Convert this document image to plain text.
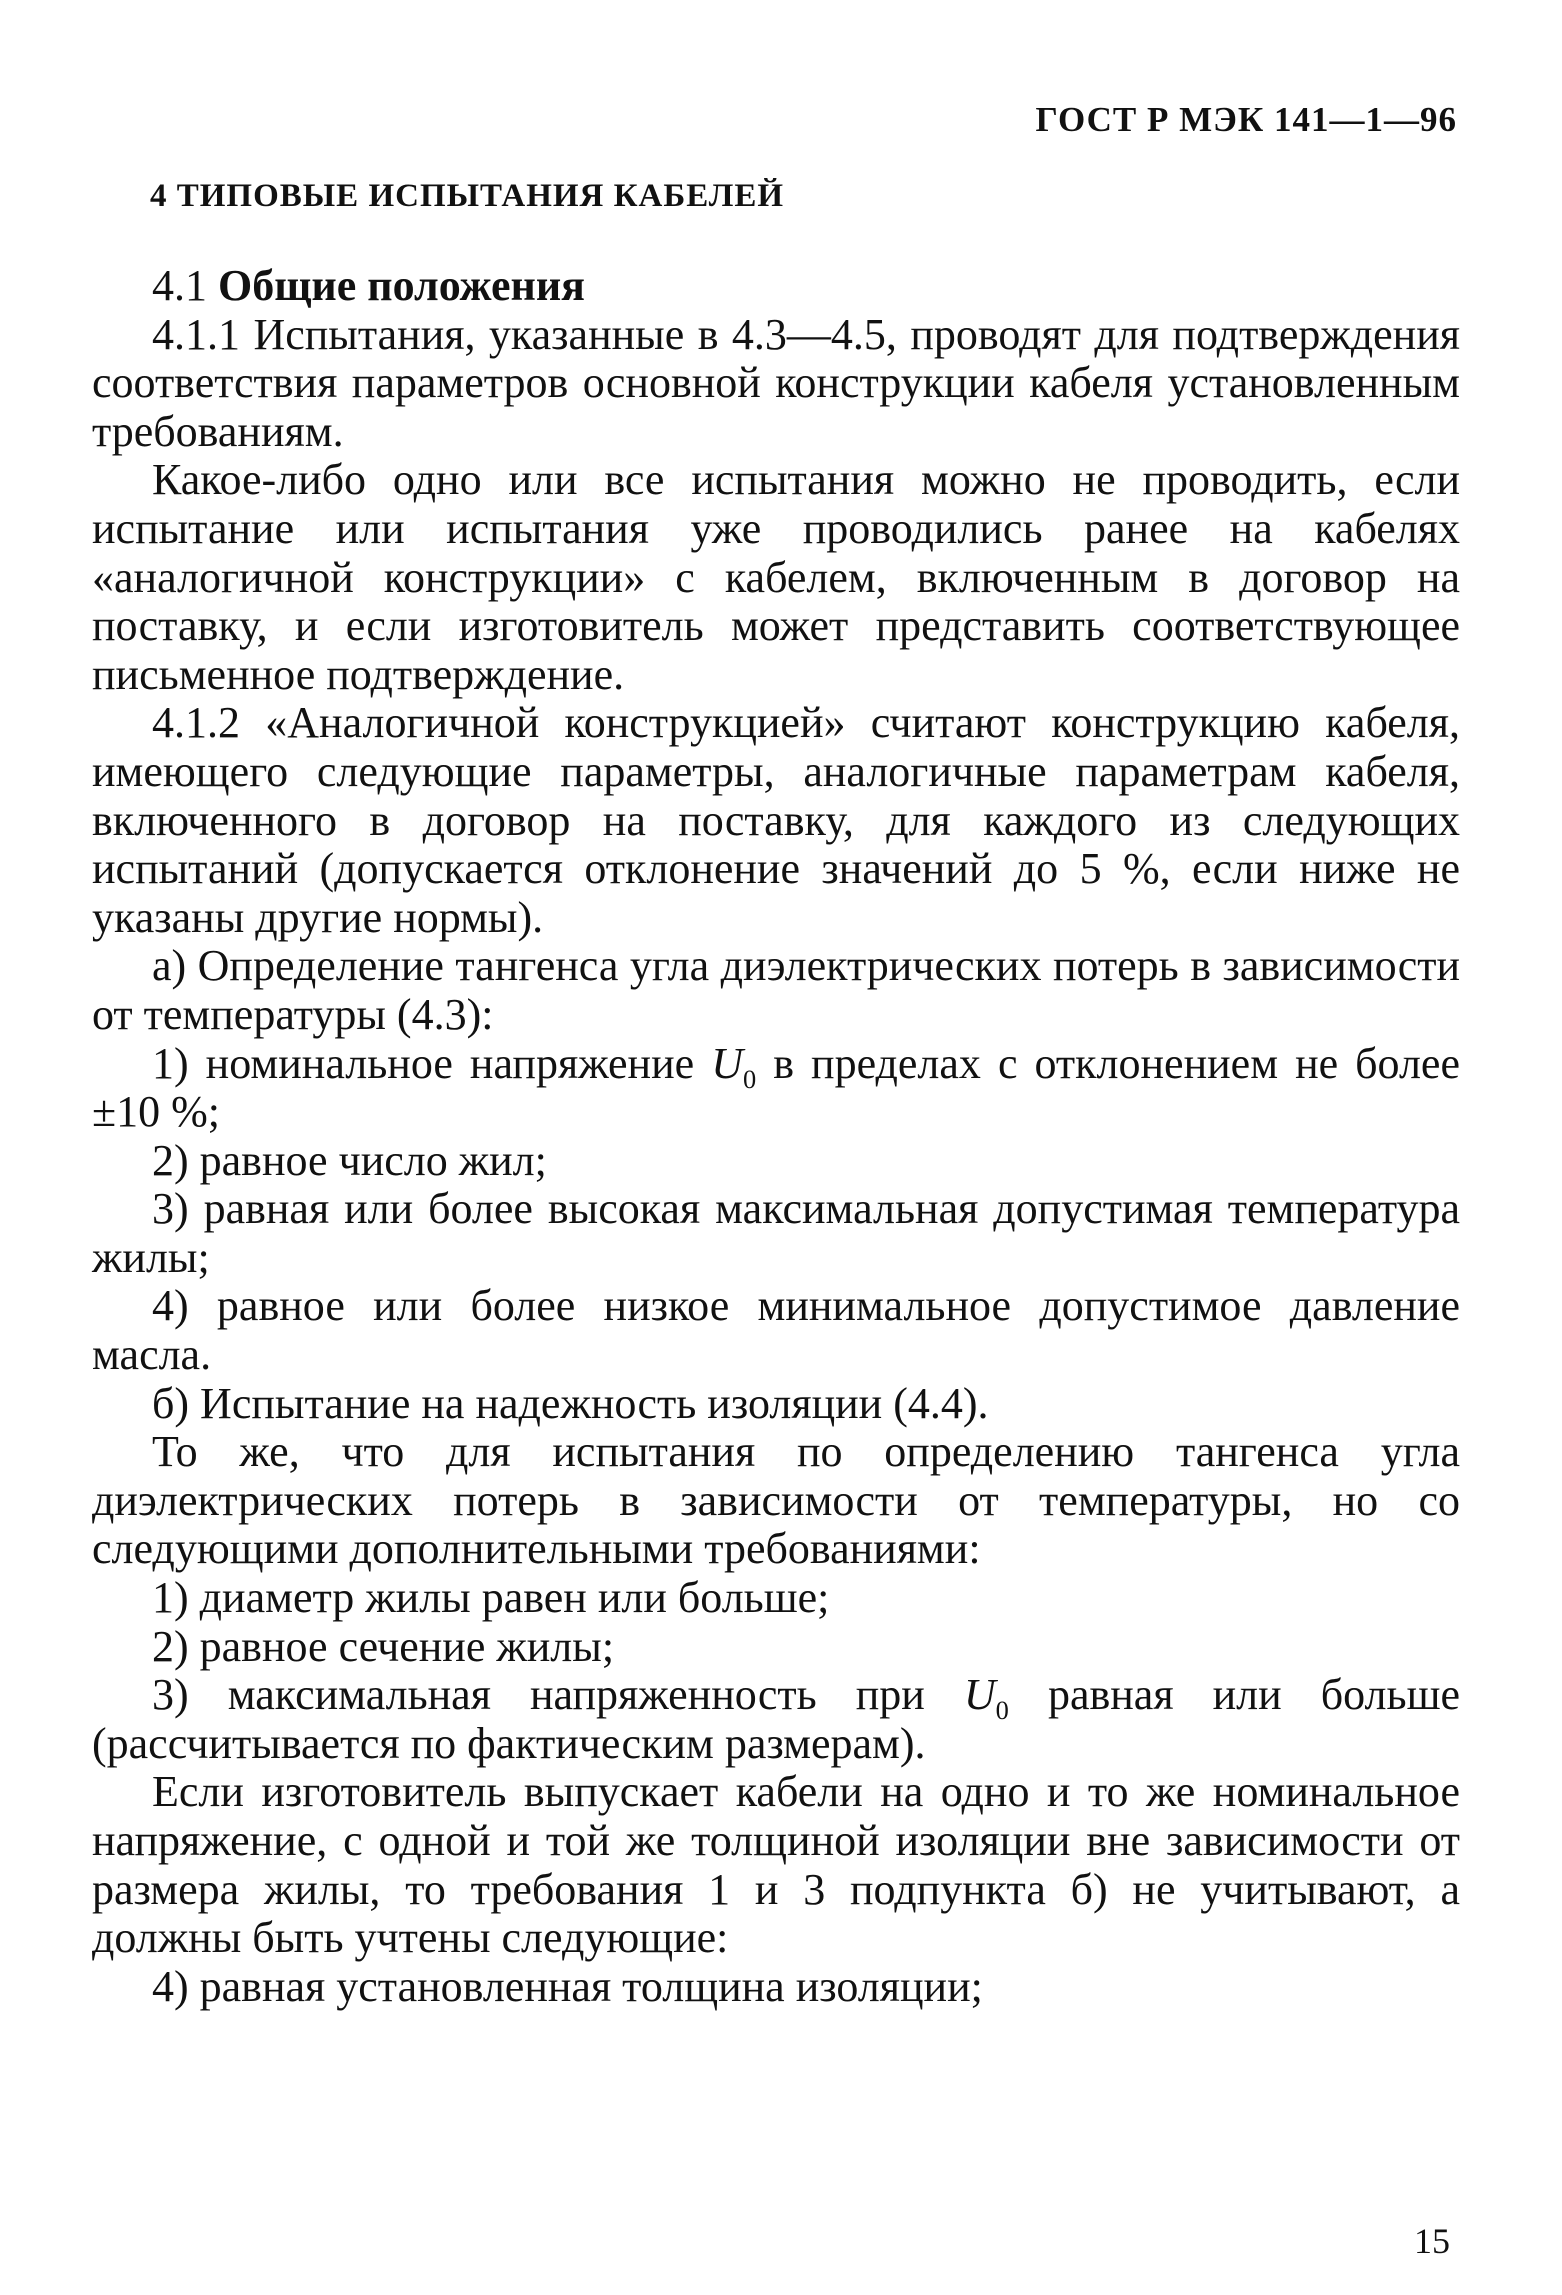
ГОСТ Р МЭК 141—1—96
4 ТИПОВЫЕ ИСПЫТАНИЯ КАБЕЛЕЙ

4.1 Общие положения

4.1.1 Испытания, указанные в 4.3—4.5, проводят для подтверждения соответствия параметров основной конструкции кабеля установленным требованиям.

Какое-либо одно или все испытания можно не проводить, если испытание или испытания уже проводились ранее на кабелях «аналогичной конструкции» с кабелем, включенным в договор на поставку, и если изготовитель может представить соответствующее письменное подтверждение.

4.1.2 «Аналогичной конструкцией» считают конструкцию кабеля, имеющего следующие параметры, аналогичные параметрам кабеля, включенного в договор на поставку, для каждого из следующих испытаний (допускается отклонение значений до 5 %, если ниже не указаны другие нормы).

а) Определение тангенса угла диэлектрических потерь в зависимости от температуры (4.3):

1) номинальное напряжение $U_0$ в пределах с отклонением не более ±10 %;

2) равное число жил;

3) равная или более высокая максимальная допустимая температура жилы;

4) равное или более низкое минимальное допустимое давление масла.

б) Испытание на надежность изоляции (4.4).

То же, что для испытания по определению тангенса угла диэлектрических потерь в зависимости от температуры, но со следующими дополнительными требованиями:

1) диаметр жилы равен или больше;

2) равное сечение жилы;

3) максимальная напряженность при $U_0$ равная или больше (рассчитывается по фактическим размерам).

Если изготовитель выпускает кабели на одно и то же номинальное напряжение, с одной и той же толщиной изоляции вне зависимости от размера жилы, то требования 1 и 3 подпункта б) не учитывают, а должны быть учтены следующие:

4) равная установленная толщина изоляции;

15
